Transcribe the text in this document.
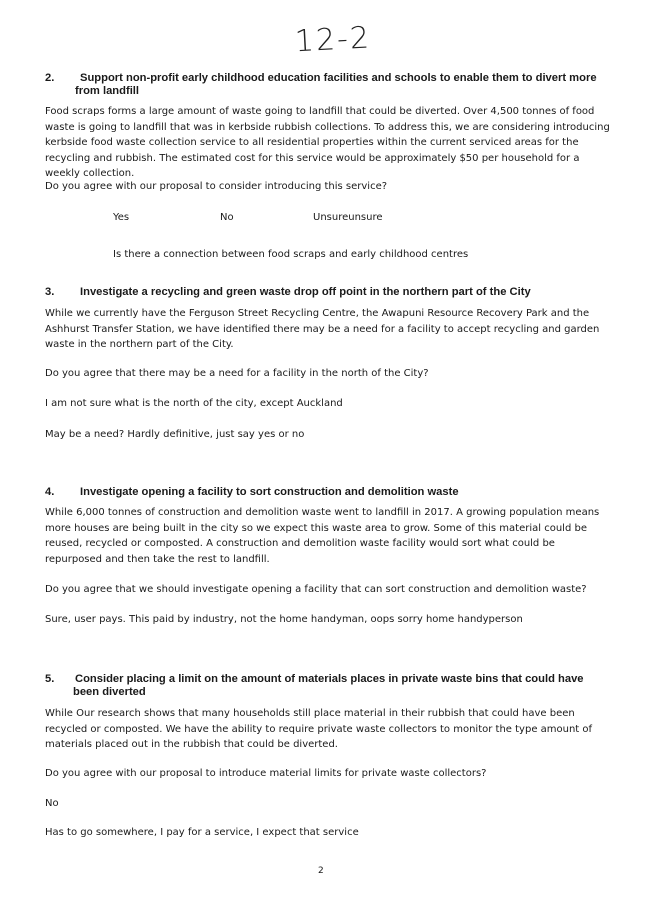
12-2
2.	Support non-profit early childhood education facilities and schools to enable them to divert more
from landfill
Food scraps forms a large amount of waste going to landfill that could be diverted. Over 4,500 tonnes of food waste is going to landfill that was in kerbside rubbish collections. To address this, we are considering introducing kerbside food waste collection service to all residential properties within the current serviced areas for the recycling and rubbish. The estimated cost for this service would be approximately $50 per household for a weekly collection.
Do you agree with our proposal to consider introducing this service?
Yes	No	Unsureunsure
Is there a connection between food scraps and early childhood centres
3.	Investigate a recycling and green waste drop off point in the northern part of the City
While we currently have the Ferguson Street Recycling Centre, the Awapuni Resource Recovery Park and the Ashhurst Transfer Station, we have identified there may be a need for a facility to accept recycling and garden waste in the northern part of the City.
Do you agree that there may be a need for a facility in the north of the City?
I am not sure what is the north of the city, except Auckland
May be a need? Hardly definitive, just say yes or no
4.	Investigate opening a facility to sort construction and demolition waste
While 6,000 tonnes of construction and demolition waste went to landfill in 2017. A growing population means more houses are being built in the city so we expect this waste area to grow. Some of this material could be reused, recycled or composted. A construction and demolition waste facility would sort what could be repurposed and then take the rest to landfill.
Do you agree that we should investigate opening a facility that can sort construction and demolition waste?
Sure, user pays. This paid by industry, not the home handyman, oops sorry home handyperson
5.	Consider placing a limit on the amount of materials places in private waste bins that could have
been diverted
While Our research shows that many households still place material in their rubbish that could have been recycled or composted. We have the ability to require private waste collectors to monitor the type amount of materials placed out in the rubbish that could be diverted.
Do you agree with our proposal to introduce material limits for private waste collectors?
No
Has to go somewhere, I pay for a service, I expect that service
2
